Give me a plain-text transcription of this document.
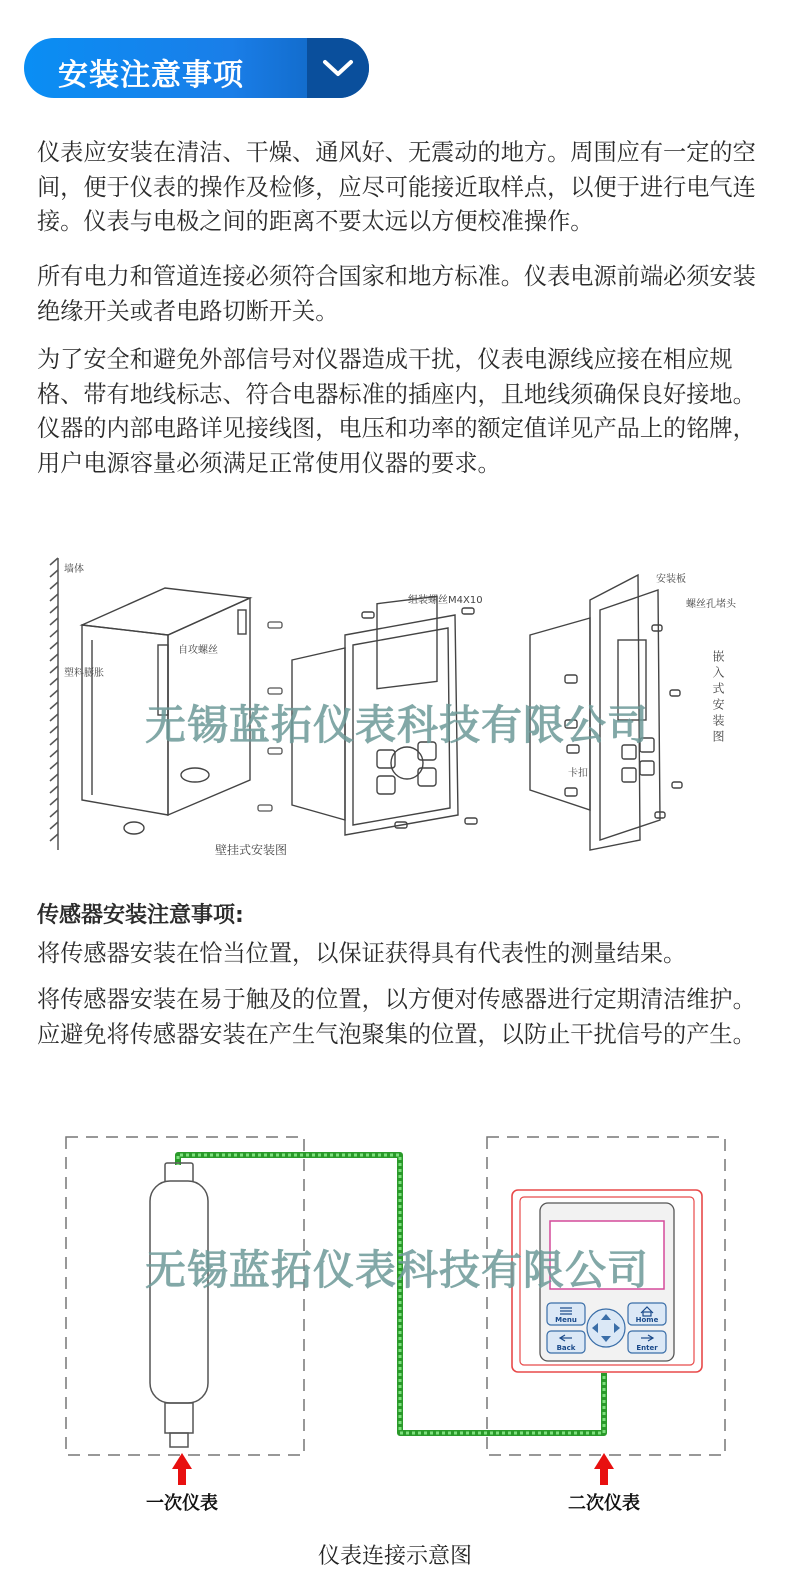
安装注意事项

仪表应安装在清洁、干燥、通风好、无震动的地方。周围应有一定的空间，便于仪表的操作及检修，应尽可能接近取样点，以便于进行电气连接。仪表与电极之间的距离不要太远以方便校准操作。

所有电力和管道连接必须符合国家和地方标准。仪表电源前端必须安装绝缘开关或者电路切断开关。

为了安全和避免外部信号对仪器造成干扰，仪表电源线应接在相应规格、带有地线标志、符合电器标准的插座内，且地线须确保良好接地。仪器的内部电路详见接线图，电压和功率的额定值详见产品上的铭牌，用户电源容量必须满足正常使用仪器的要求。

墙体
塑料膨胀
自攻螺丝
组装螺丝M4X10
安装板
螺丝孔堵头
卡扣
嵌入式安装图
壁挂式安装图
无锡蓝拓仪表科技有限公司

传感器安装注意事项:

将传感器安装在恰当位置，以保证获得具有代表性的测量结果。

将传感器安装在易于触及的位置，以方便对传感器进行定期清洁维护。应避免将传感器安装在产生气泡聚集的位置，以防止干扰信号的产生。

Menu	Home
Back	Enter
一次仪表	二次仪表
仪表连接示意图
无锡蓝拓仪表科技有限公司
